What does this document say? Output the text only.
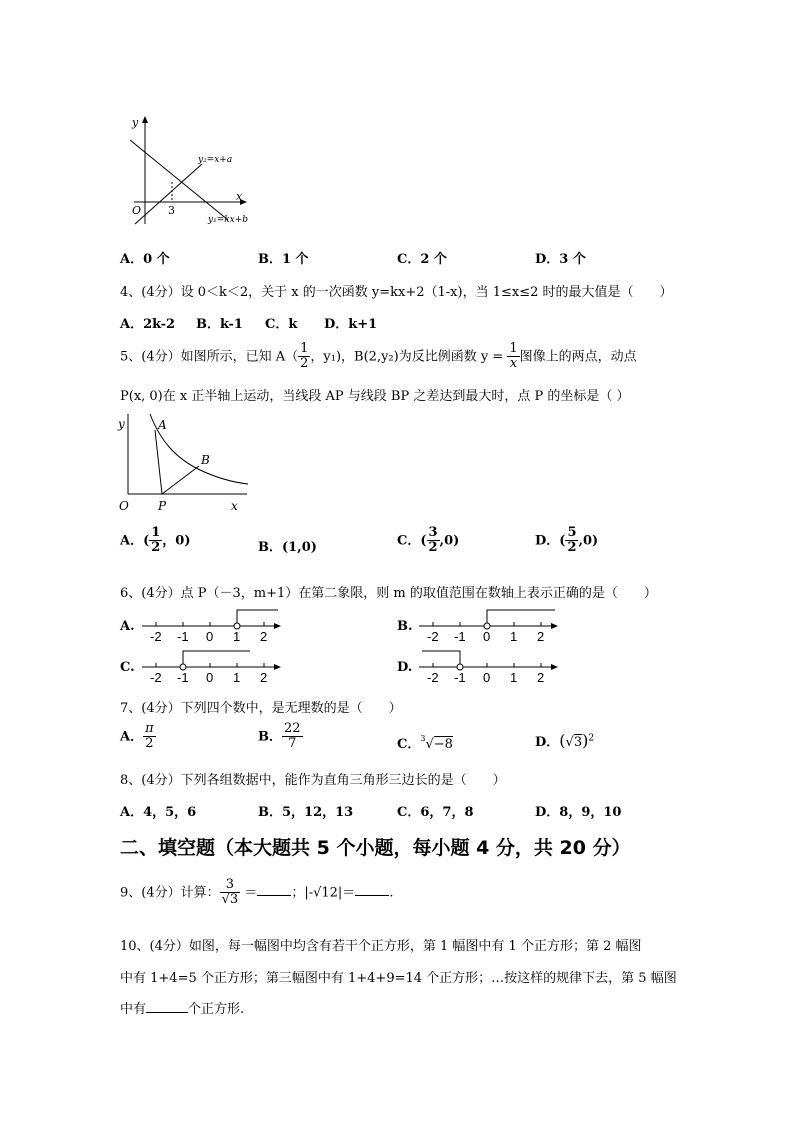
y
x
O 3
y₂=x+a
y₁=kx+b
A．0 个	B．1 个	C．2 个	D．3 个
4、(4分）设 0＜k＜2，关于 x 的一次函数 y=kx+2（1-x)，当 1≤x≤2 时的最大值是（　　）
A．2k-2 B．k-1 C．k D．k+1
5、(4分）如图所示，已知 $A( \frac{1}{2}$ ，y₁)，B(2,y₂)为反比例函数 $y = \frac{1}{x}$ 图像上的两点，动点
P(x, 0)在 x 正半轴上运动，当线段 AP 与线段 BP 之差达到最大时，点 P 的坐标是（ ）
y	A
B
O P	x
A．( $\frac{1}{2}$ ，0)	B．(1,0)	C．( $\frac{3}{2} ,0$)	D．( $\frac{5}{2} ,0$)
6、(4分）点 P（－3，m+1）在第二象限，则 m 的取值范围在数轴上表示正确的是（　　）
A.
-2 -1 0 1 2
B.
-2 -1 0 1 2
C.
-2 -1 0 1 2
D.
-2 -1 0 1 2
7、(4分）下列四个数中，是无理数的是（　　）
A． $\frac{\pi}{2}$	B． $\frac{22}{7}$	C．$^3$√−8	D．$(√3)^2$
8、(4分）下列各组数据中，能作为直角三角形三边长的是（　　）
A．4，5，6	B．5，12，13	C．6，7，8	D．8，9，10
二、填空题（本大题共 5 个小题，每小题 4 分，共 20 分）
9、(4分）计算： $\frac{3}{√3}$ ＝	；|-√12|＝	.
10、(4分）如图，每一幅图中均含有若干个正方形，第 1 幅图中有 1 个正方形；第 2 幅图
中有 1+4=5 个正方形；第三幅图中有 1+4+9=14 个正方形；…按这样的规律下去，第 5 幅图
中有	个正方形.
